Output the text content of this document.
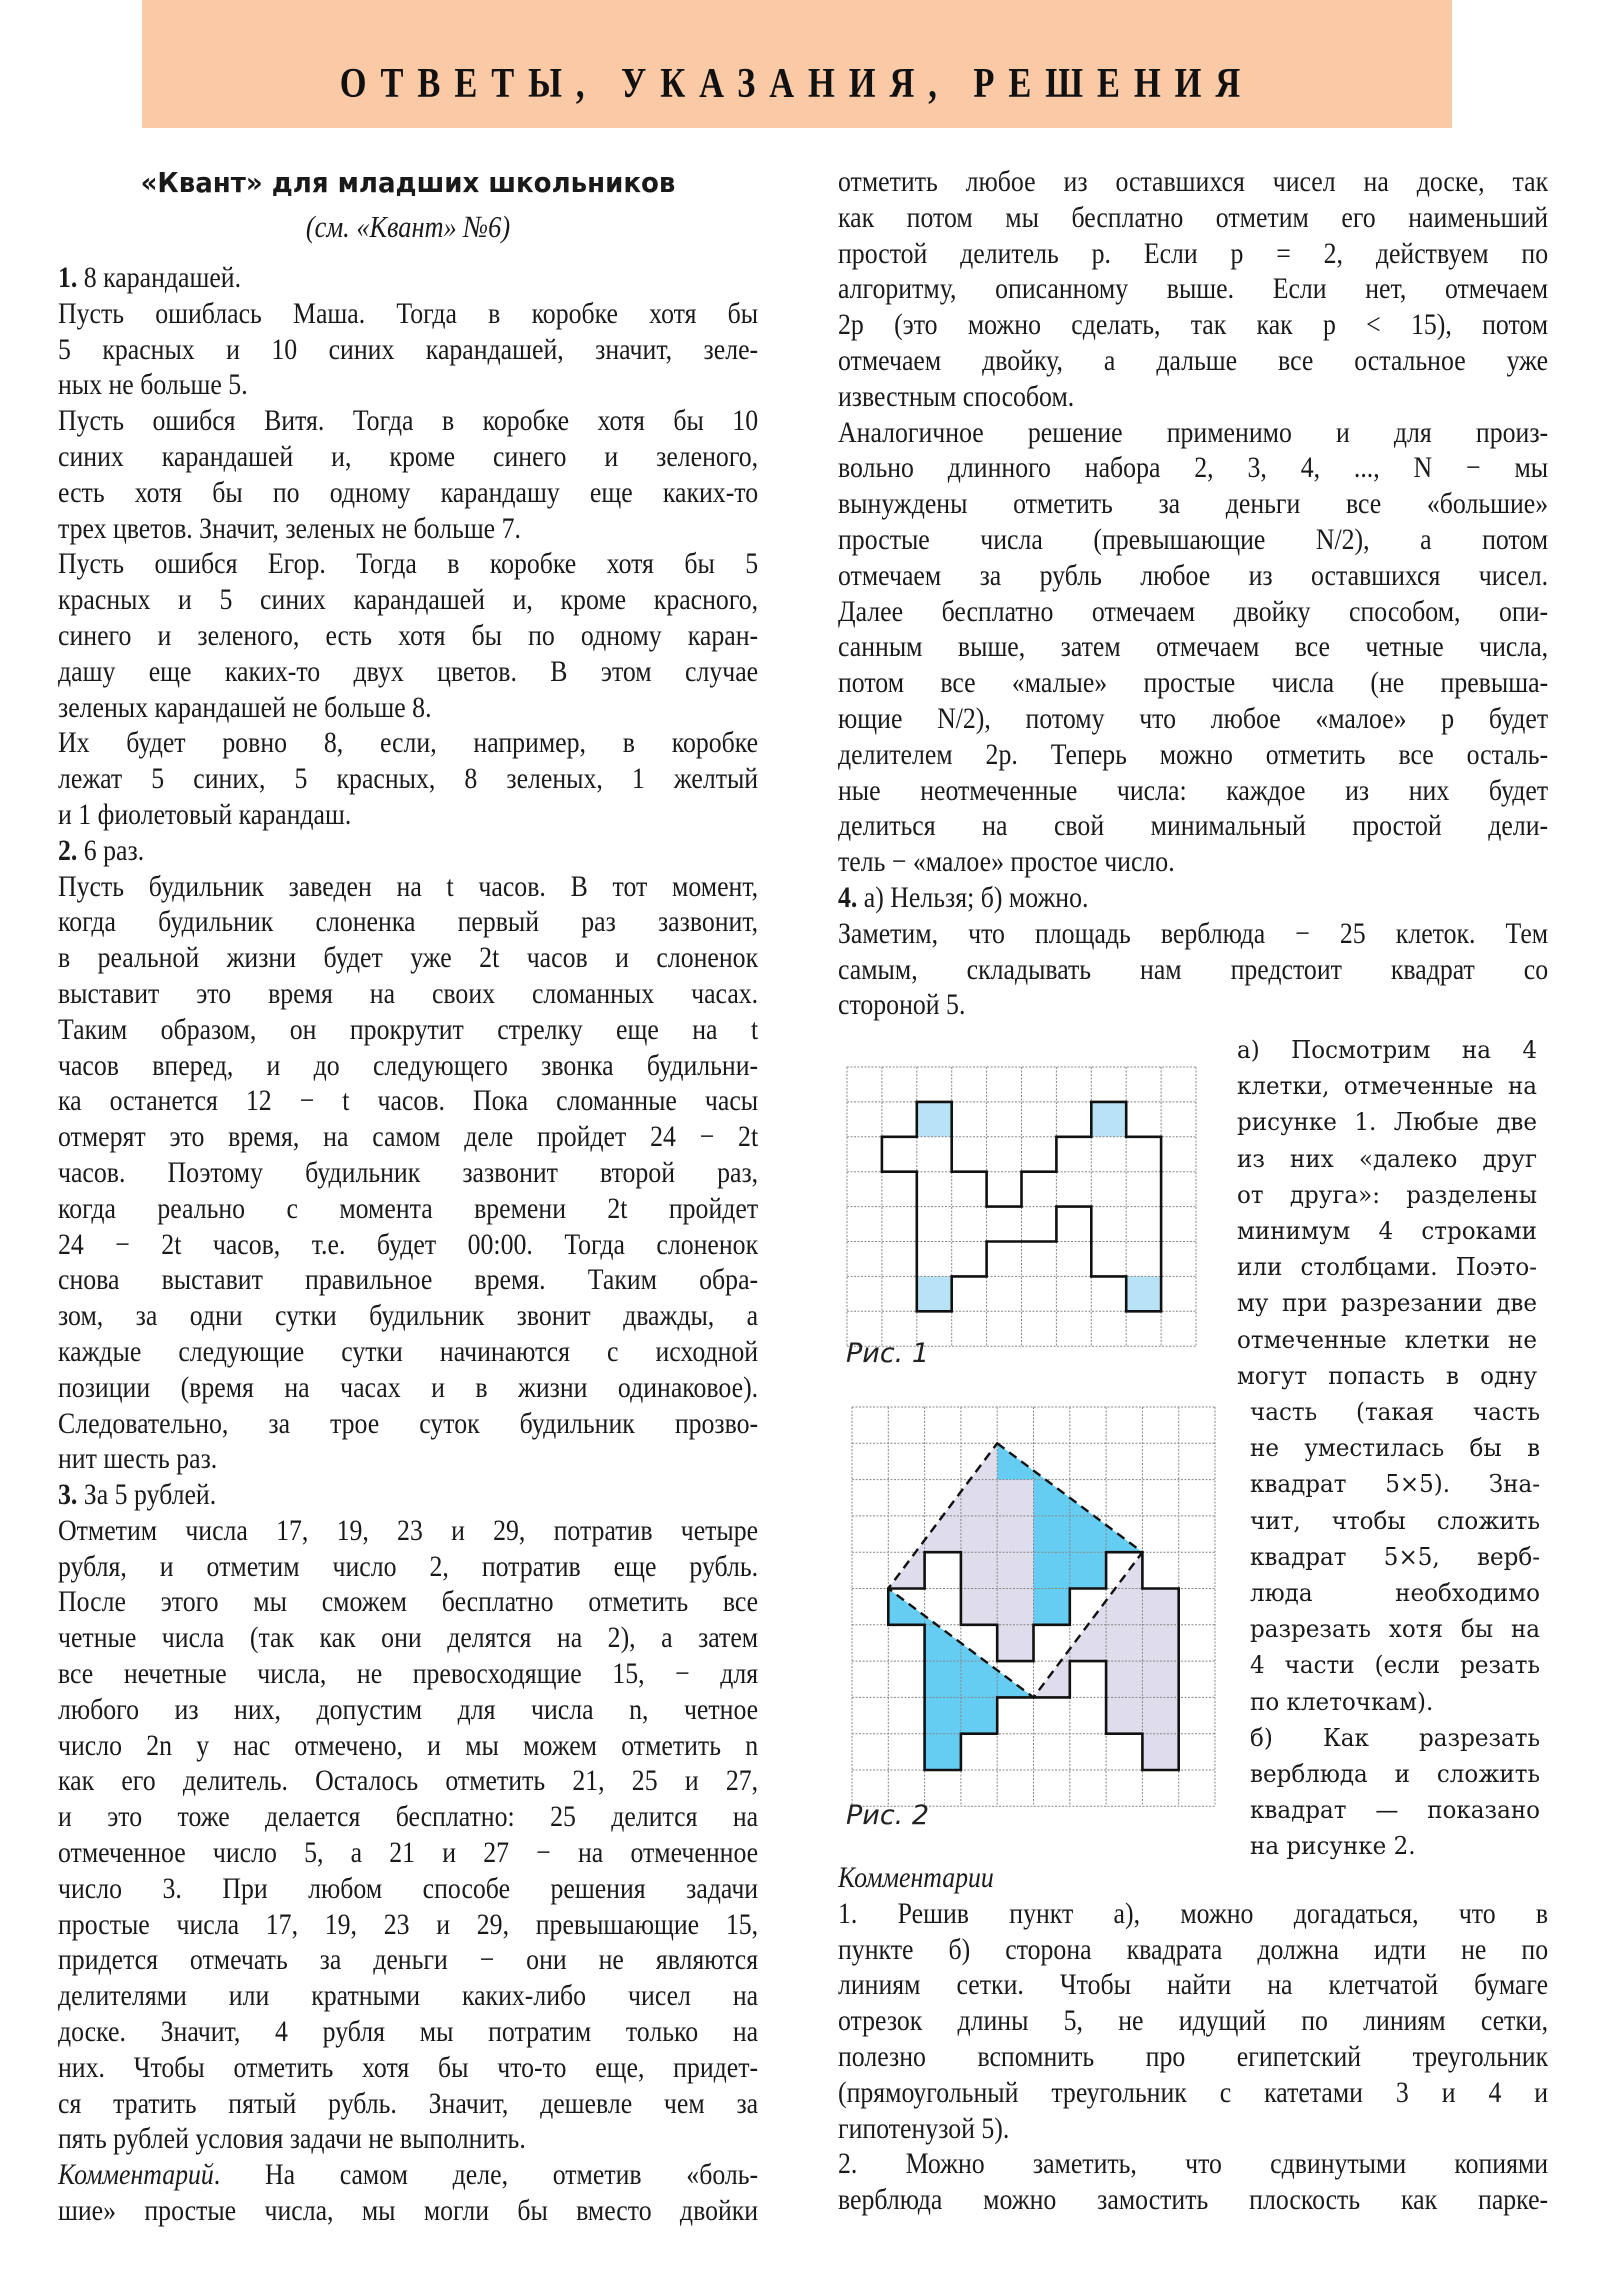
ОТВЕТЫ, УКАЗАНИЯ, РЕШЕНИЯ
«Квант» для младших школьников
(см. «Квант» №6)
1. 8 карандашей.
Пусть ошиблась Маша. Тогда в коробке хотя бы
5 красных и 10 синих карандашей, значит, зеле-
ных не больше 5.
Пусть ошибся Витя. Тогда в коробке хотя бы 10
синих карандашей и, кроме синего и зеленого,
есть хотя бы по одному карандашу еще каких-то
трех цветов. Значит, зеленых не больше 7.
Пусть ошибся Егор. Тогда в коробке хотя бы 5
красных и 5 синих карандашей и, кроме красного,
синего и зеленого, есть хотя бы по одному каран-
дашу еще каких-то двух цветов. В этом случае
зеленых карандашей не больше 8.
Их будет ровно 8, если, например, в коробке
лежат 5 синих, 5 красных, 8 зеленых, 1 желтый
и 1 фиолетовый карандаш.
2. 6 раз.
Пусть будильник заведен на t часов. В тот момент,
когда будильник слоненка первый раз зазвонит,
в реальной жизни будет уже 2t часов и слоненок
выставит это время на своих сломанных часах.
Таким образом, он прокрутит стрелку еще на t
часов вперед, и до следующего звонка будильни-
ка останется 12 − t часов. Пока сломанные часы
отмерят это время, на самом деле пройдет 24 − 2t
часов. Поэтому будильник зазвонит второй раз,
когда реально с момента времени 2t пройдет
24 − 2t часов, т.е. будет 00:00. Тогда слоненок
снова выставит правильное время. Таким обра-
зом, за одни сутки будильник звонит дважды, а
каждые следующие сутки начинаются с исходной
позиции (время на часах и в жизни одинаковое).
Следовательно, за трое суток будильник прозво-
нит шесть раз.
3. За 5 рублей.
Отметим числа 17, 19, 23 и 29, потратив четыре
рубля, и отметим число 2, потратив еще рубль.
После этого мы сможем бесплатно отметить все
четные числа (так как они делятся на 2), а затем
все нечетные числа, не превосходящие 15, − для
любого из них, допустим для числа n, четное
число 2n у нас отмечено, и мы можем отметить n
как его делитель. Осталось отметить 21, 25 и 27,
и это тоже делается бесплатно: 25 делится на
отмеченное число 5, а 21 и 27 − на отмеченное
число 3. При любом способе решения задачи
простые числа 17, 19, 23 и 29, превышающие 15,
придется отмечать за деньги − они не являются
делителями или кратными каких-либо чисел на
доске. Значит, 4 рубля мы потратим только на
них. Чтобы отметить хотя бы что-то еще, придет-
ся тратить пятый рубль. Значит, дешевле чем за
пять рублей условия задачи не выполнить.
Комментарий. На самом деле, отметив «боль-
шие» простые числа, мы могли бы вместо двойки
отметить любое из оставшихся чисел на доске, так
как потом мы бесплатно отметим его наименьший
простой делитель p. Если p = 2, действуем по
алгоритму, описанному выше. Если нет, отмечаем
2p (это можно сделать, так как p < 15), потом
отмечаем двойку, а дальше все остальное уже
известным способом.
Аналогичное решение применимо и для произ-
вольно длинного набора 2, 3, 4, ..., N − мы
вынуждены отметить за деньги все «большие»
простые числа (превышающие N/2), а потом
отмечаем за рубль любое из оставшихся чисел.
Далее бесплатно отмечаем двойку способом, опи-
санным выше, затем отмечаем все четные числа,
потом все «малые» простые числа (не превыша-
ющие N/2), потому что любое «малое» p будет
делителем 2p. Теперь можно отметить все осталь-
ные неотмеченные числа: каждое из них будет
делиться на свой минимальный простой дели-
тель − «малое» простое число.
4. а) Нельзя; б) можно.
Заметим, что площадь верблюда − 25 клеток. Тем
самым, складывать нам предстоит квадрат со
стороной 5.
а) Посмотрим на 4
клетки, отмеченные на
рисунке 1. Любые две
из них «далеко друг
от друга»: разделены
минимум 4 строками
или столбцами. Поэто-
му при разрезании две
отмеченные клетки не
могут попасть в одну
часть (такая часть
не уместилась бы в
квадрат 5×5). Зна-
чит, чтобы сложить
квадрат 5×5, верб-
люда необходимо
разрезать хотя бы на
4 части (если резать
по клеточкам).
б) Как разрезать
верблюда и сложить
квадрат — показано
на рисунке 2.
Комментарии
1. Решив пункт а), можно догадаться, что в
пункте б) сторона квадрата должна идти не по
линиям сетки. Чтобы найти на клетчатой бумаге
отрезок длины 5, не идущий по линиям сетки,
полезно вспомнить про египетский треугольник
(прямоугольный треугольник с катетами 3 и 4 и
гипотенузой 5).
2. Можно заметить, что сдвинутыми копиями
верблюда можно замостить плоскость как парке-
Рис. 1
Рис. 2
